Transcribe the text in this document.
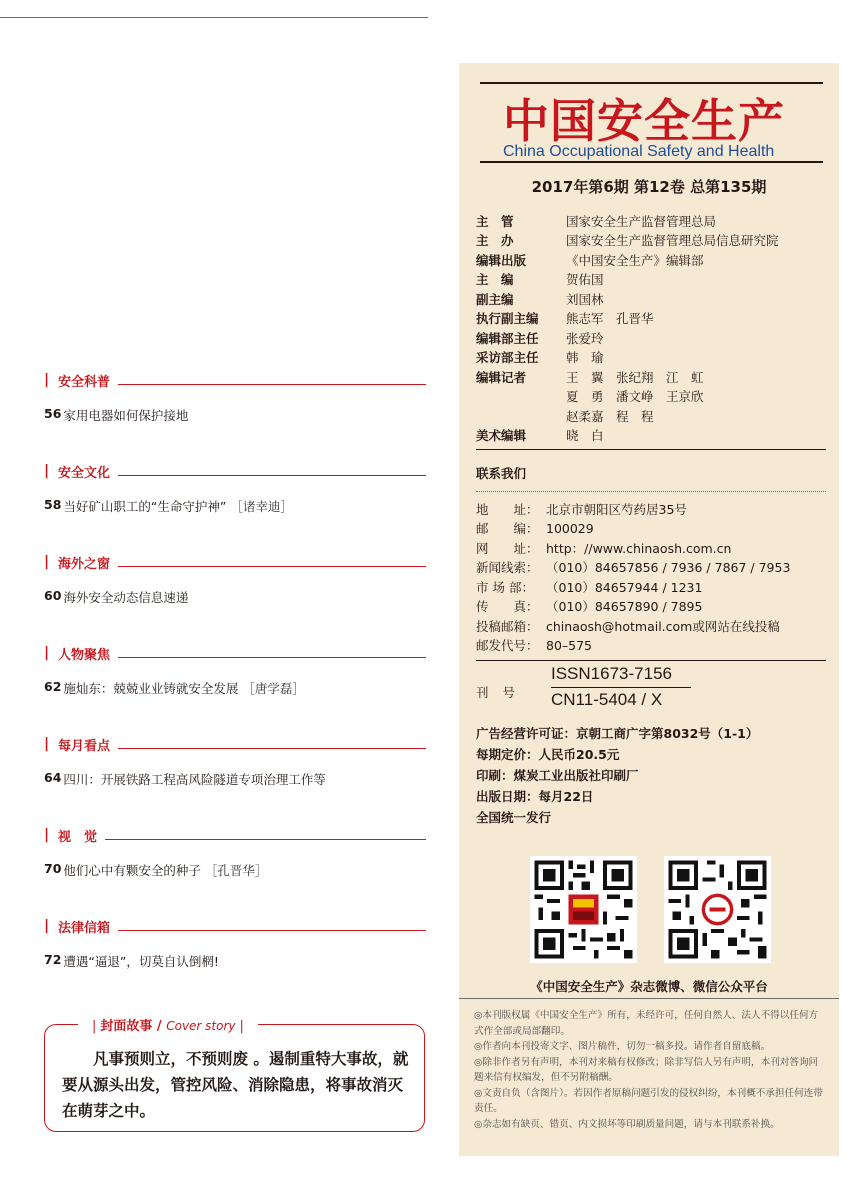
| 安全科普
56 家用电器如何保护接地
| 安全文化
58 当好矿山职工的“生命守护神” ［诸幸迪］
| 海外之窗
60 海外安全动态信息速递
| 人物聚焦
62 施灿东：兢兢业业铸就安全发展 ［唐学磊］
| 每月看点
64 四川：开展铁路工程高风险隧道专项治理工作等
| 视　觉
70 他们心中有颗安全的种子 ［孔晋华］
| 法律信箱
72 遭遇“逼退”，切莫自认倒棢!
| 封面故事 / Cover story |
凡事预则立，不预则废 。遏制重特大事故，就要从源头出发，管控风险、消除隐患，将事故消灭在萌芽之中。
中国安全生产
China Occupational Safety and Health
2017年第6期 第12卷 总第135期
主　管	国家安全生产监督管理总局
主　办	国家安全生产监督管理总局信息研究院
编辑出版	《中国安全生产》编辑部
主　编	贺佑国
副主编	刘国林
执行副主编	熊志军　孔晋华
编辑部主任	张爱玲
采访部主任	韩　瑜
编辑记者	王　翼　张纪翔　江　虹
夏　勇　潘文峥　王京欣
赵柔嘉　程　程
美术编辑	晓　白
联系我们
地　　址： 北京市朝阳区芍药居35号
邮　　编： 100029
网　　址： http：//www.chinaosh.com.cn
新闻线索： （010）84657856 / 7936 / 7867 / 7953
市 场 部： （010）84657944 / 1231
传　　真： （010）84657890 / 7895
投稿邮箱： chinaosh@hotmail.com或网站在线投稿
邮发代号： 80–575
刊号
ISSN1673-7156
CN11-5404 / X
广告经营许可证：京朝工商广字第8032号（1-1）
每期定价：人民币20.5元
印刷：煤炭工业出版社印刷厂
出版日期：每月22日
全国统一发行
《中国安全生产》杂志微博、微信公众平台
◎本刊版权属《中国安全生产》所有，未经许可，任何自然人、法人不得以任何方式作全部或局部翻印。
◎作者向本刊投寄文字、图片稿件，切勿一稿多投。请作者自留底稿。
◎除非作者另有声明，本刊对来稿有权修改；除非写信人另有声明，本刊对答询问题来信有权编发，但不另附稿酬。
◎文责自负（含图片）。若因作者原稿问题引发的侵权纠纷，本刊概不承担任何连带责任。
◎杂志如有缺页、错页、内文损坏等印刷质量问题，请与本刊联系补换。
